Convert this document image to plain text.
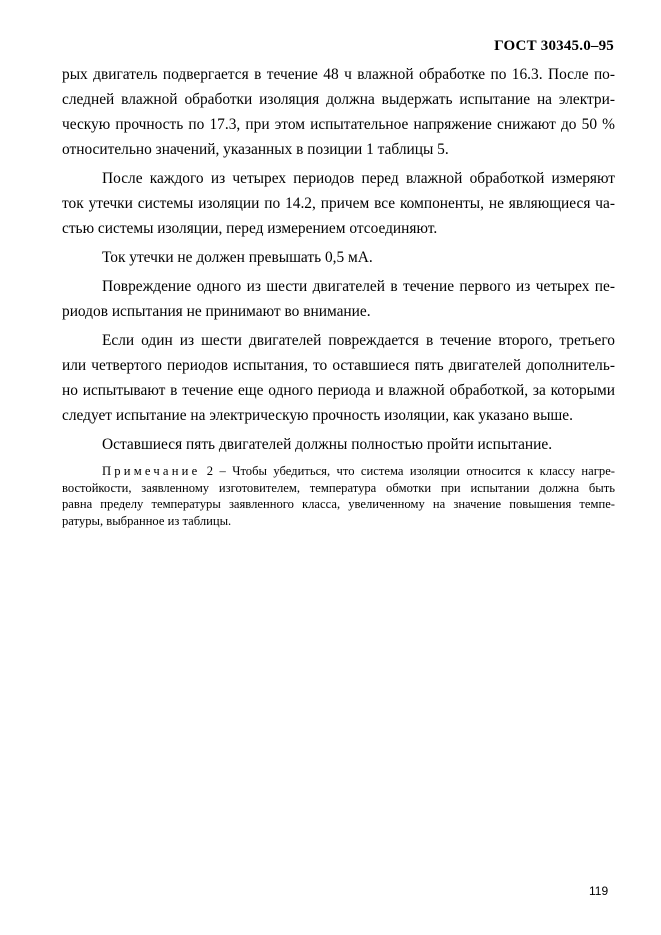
ГОСТ 30345.0–95
рых двигатель подвергается в течение 48 ч влажной обработке по 16.3. После по-
следней влажной обработки изоляция должна выдержать испытание на электри-
ческую прочность по 17.3, при этом испытательное напряжение снижают до 50 %
относительно значений, указанных в позиции 1 таблицы 5.
После каждого из четырех периодов перед влажной обработкой измеряют
ток утечки системы изоляции по 14.2, причем все компоненты, не являющиеся ча-
стью системы изоляции, перед измерением отсоединяют.
Ток утечки не должен превышать 0,5 мА.
Повреждение одного из шести двигателей в течение первого из четырех пе-
риодов испытания не принимают во внимание.
Если один из шести двигателей повреждается в течение второго, третьего
или четвертого периодов испытания, то оставшиеся пять двигателей дополнитель-
но испытывают в течение еще одного периода и влажной обработкой, за которыми
следует испытание на электрическую прочность изоляции, как указано выше.
Оставшиеся пять двигателей должны полностью пройти испытание.
Примечание 2 – Чтобы убедиться, что система изоляции относится к классу нагре-
востойкости, заявленному изготовителем, температура обмотки при испытании должна быть
равна пределу температуры заявленного класса, увеличенному на значение повышения темпе-
ратуры, выбранное из таблицы.
119
